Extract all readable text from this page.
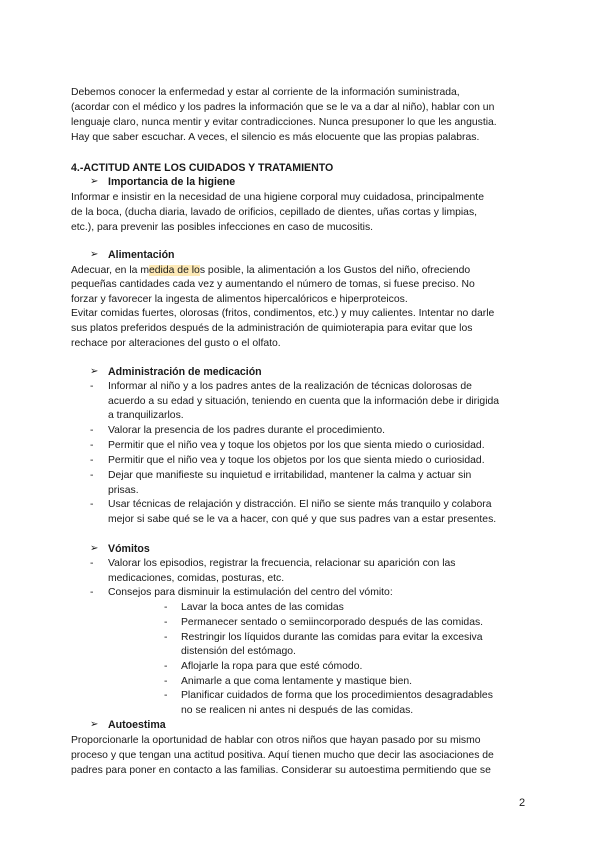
Debemos conocer la enfermedad y estar al corriente de la información suministrada,
(acordar con el médico y los padres la información que se le va a dar al niño), hablar con un
lenguaje claro, nunca mentir y evitar contradicciones. Nunca presuponer lo que les angustia.
Hay que saber escuchar. A veces, el silencio es más elocuente que las propias palabras.
4.-ACTITUD ANTE LOS CUIDADOS Y TRATAMIENTO
➢ Importancia de la higiene
Informar e insistir en la necesidad de una higiene corporal muy cuidadosa, principalmente
de la boca, (ducha diaria, lavado de orificios, cepillado de dientes, uñas cortas y limpias,
etc.), para prevenir las posibles infecciones en caso de mucositis.
➢ Alimentación
Adecuar, en la medida de los posible, la alimentación a los Gustos del niño, ofreciendo
pequeñas cantidades cada vez y aumentando el número de tomas, si fuese preciso. No
forzar y favorecer la ingesta de alimentos hipercalóricos e hiperproteicos.
Evitar comidas fuertes, olorosas (fritos, condimentos, etc.) y muy calientes. Intentar no darle
sus platos preferidos después de la administración de quimioterapia para evitar que los
rechace por alteraciones del gusto o el olfato.
➢ Administración de medicación
- Informar al niño y a los padres antes de la realización de técnicas dolorosas de
acuerdo a su edad y situación, teniendo en cuenta que la información debe ir dirigida
a tranquilizarlos.
- Valorar la presencia de los padres durante el procedimiento.
- Permitir que el niño vea y toque los objetos por los que sienta miedo o curiosidad.
- Permitir que el niño vea y toque los objetos por los que sienta miedo o curiosidad.
- Dejar que manifieste su inquietud e irritabilidad, mantener la calma y actuar sin
prisas.
- Usar técnicas de relajación y distracción. El niño se siente más tranquilo y colabora
mejor si sabe qué se le va a hacer, con qué y que sus padres van a estar presentes.
➢ Vómitos
- Valorar los episodios, registrar la frecuencia, relacionar su aparición con las
medicaciones, comidas, posturas, etc.
- Consejos para disminuir la estimulación del centro del vómito:
- Lavar la boca antes de las comidas
- Permanecer sentado o semiincorporado después de las comidas.
- Restringir los líquidos durante las comidas para evitar la excesiva
distensión del estómago.
- Aflojarle la ropa para que esté cómodo.
- Animarle a que coma lentamente y mastique bien.
- Planificar cuidados de forma que los procedimientos desagradables
no se realicen ni antes ni después de las comidas.
➢ Autoestima
Proporcionarle la oportunidad de hablar con otros niños que hayan pasado por su mismo
proceso y que tengan una actitud positiva. Aquí tienen mucho que decir las asociaciones de
padres para poner en contacto a las familias. Considerar su autoestima permitiendo que se
2
